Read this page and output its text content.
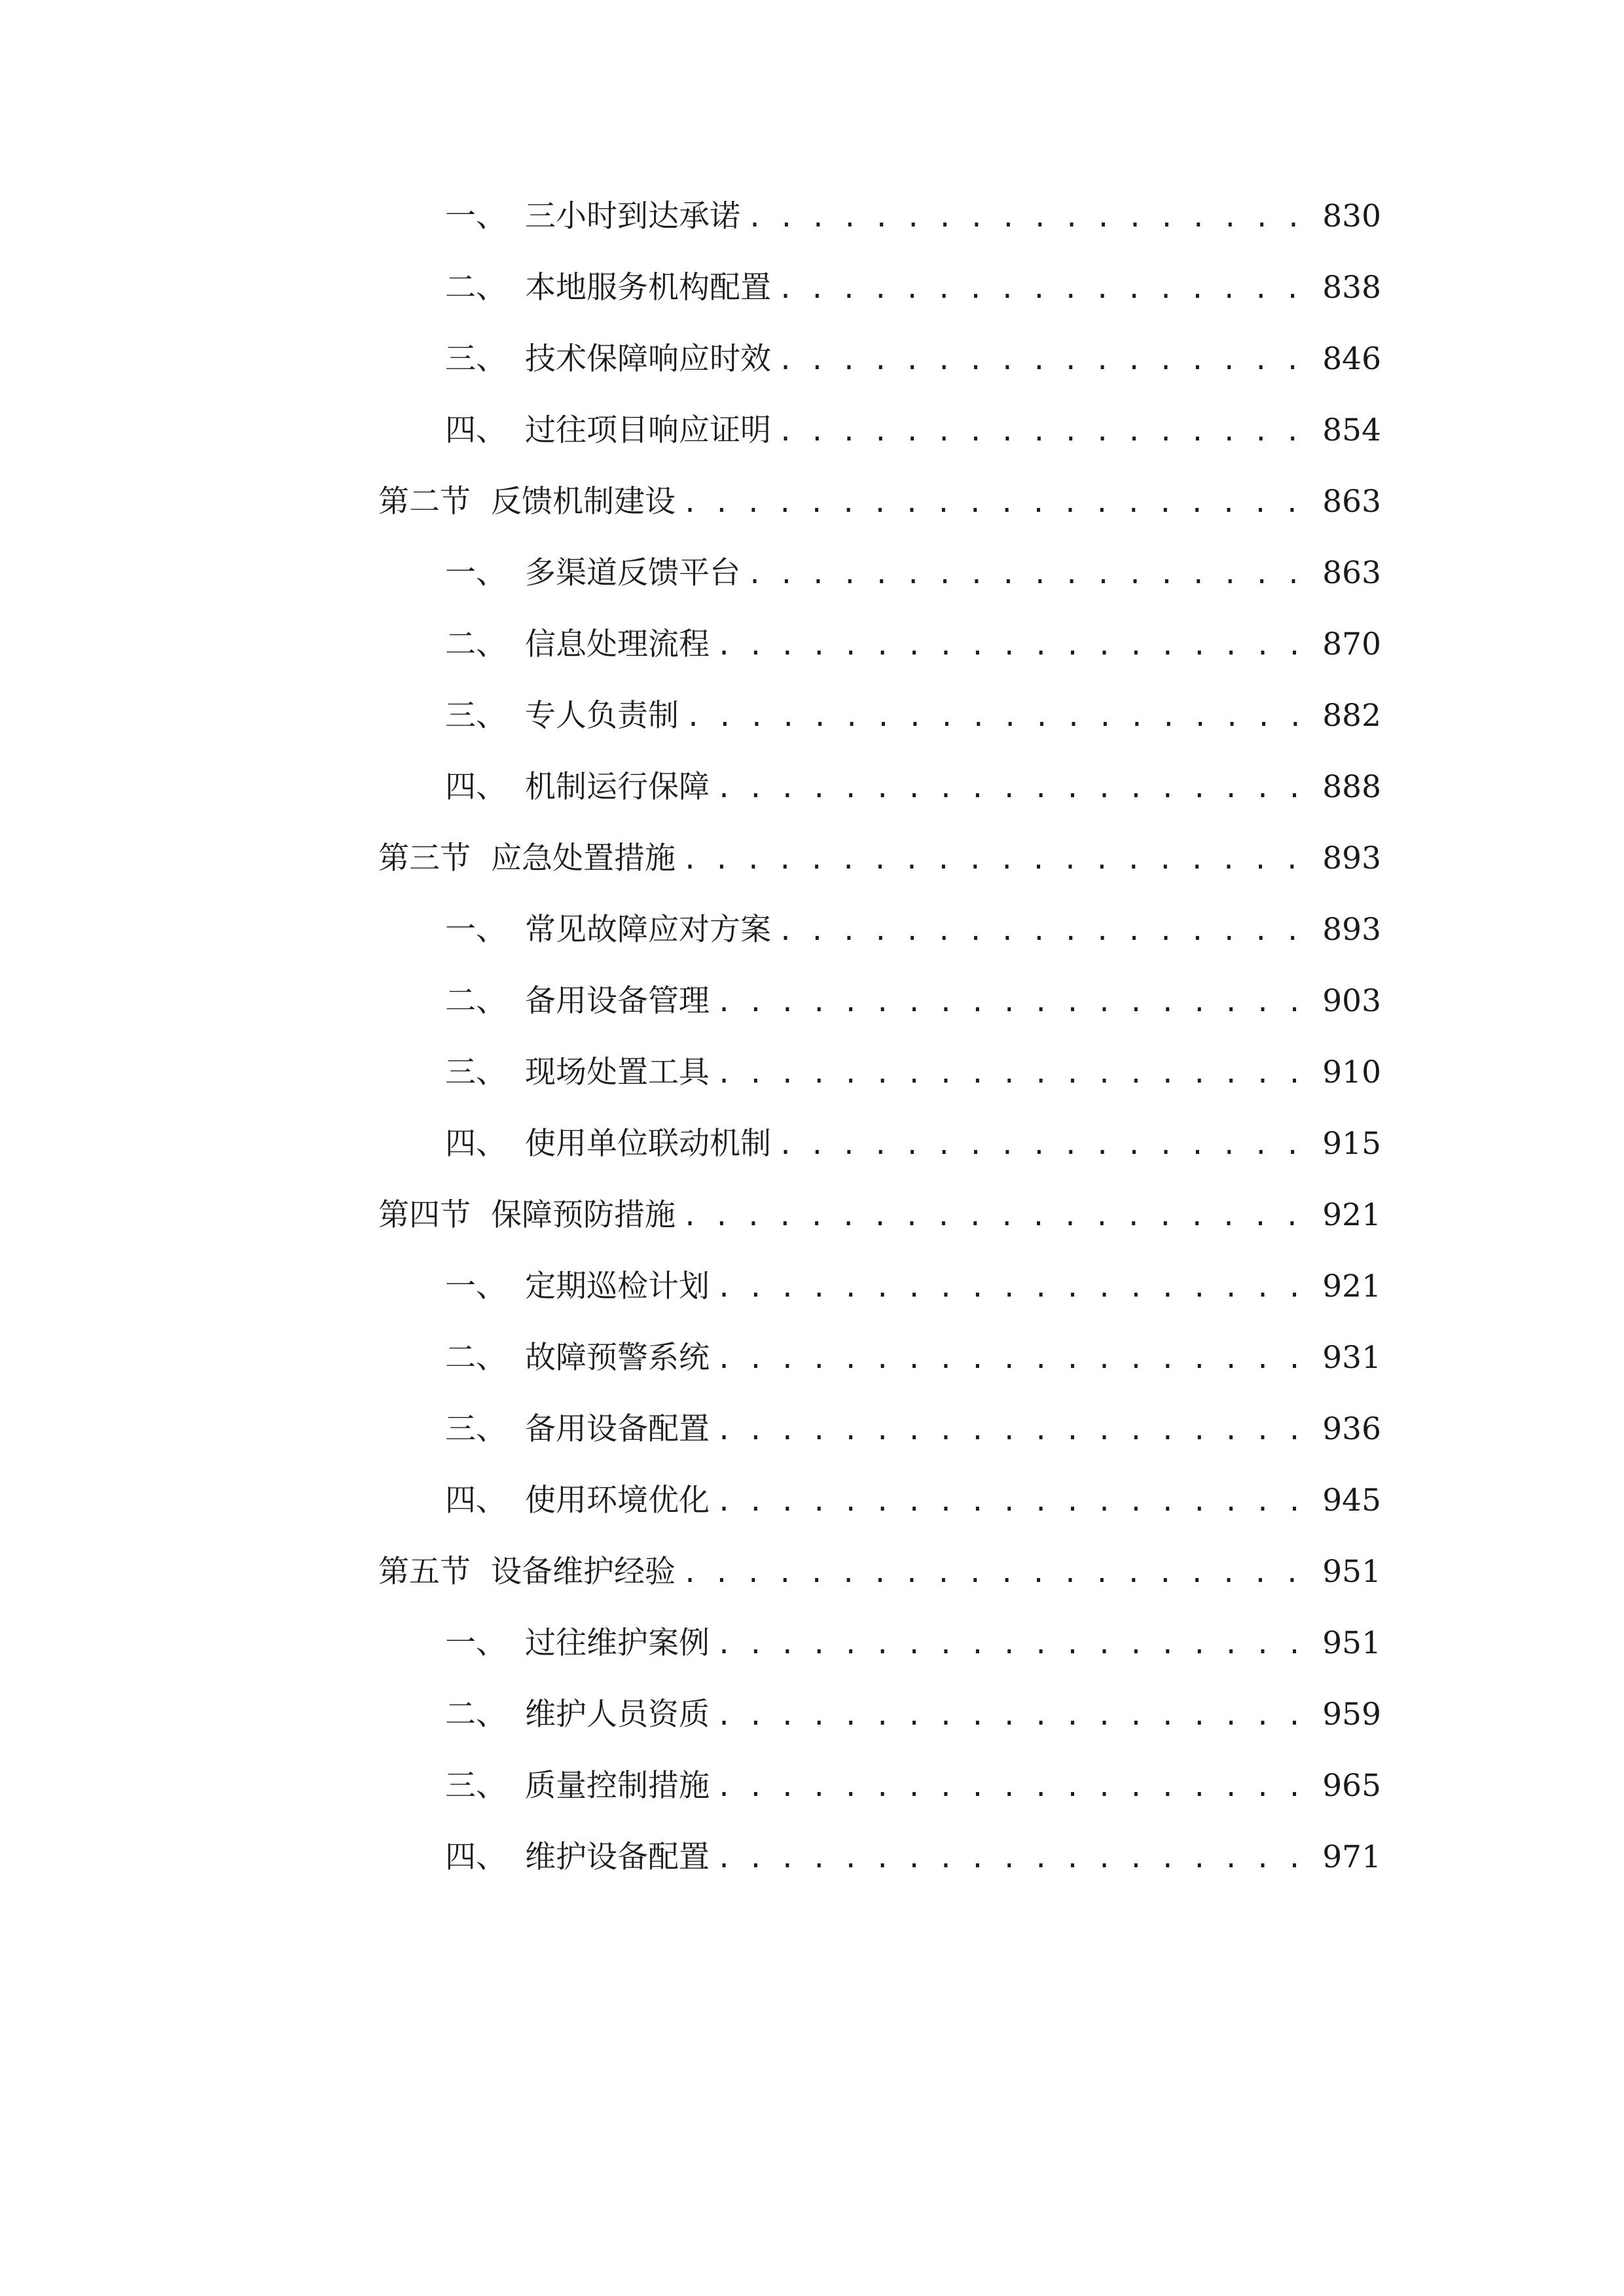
一、 三小时到达承诺 . . .	830
二、 本地服务机构配置 . . .	838
三、 技术保障响应时效 . . .	846
四、 过往项目响应证明 . . .	854
第二节 反馈机制建设 . . .	863
一、 多渠道反馈平台 . . .	863
二、 信息处理流程 . . .	870
三、 专人负责制 . . .	882
四、 机制运行保障 . . .	888
第三节 应急处置措施 . . .	893
一、 常见故障应对方案 . . .	893
二、 备用设备管理 . . .	903
三、 现场处置工具 . . .	910
四、 使用单位联动机制 . . .	915
第四节 保障预防措施 . . .	921
一、 定期巡检计划 . . .	921
二、 故障预警系统 . . .	931
三、 备用设备配置 . . .	936
四、 使用环境优化 . . .	945
第五节 设备维护经验 . . .	951
一、 过往维护案例 . . .	951
二、 维护人员资质 . . .	959
三、 质量控制措施 . . .	965
四、 维护设备配置 . . .	971
